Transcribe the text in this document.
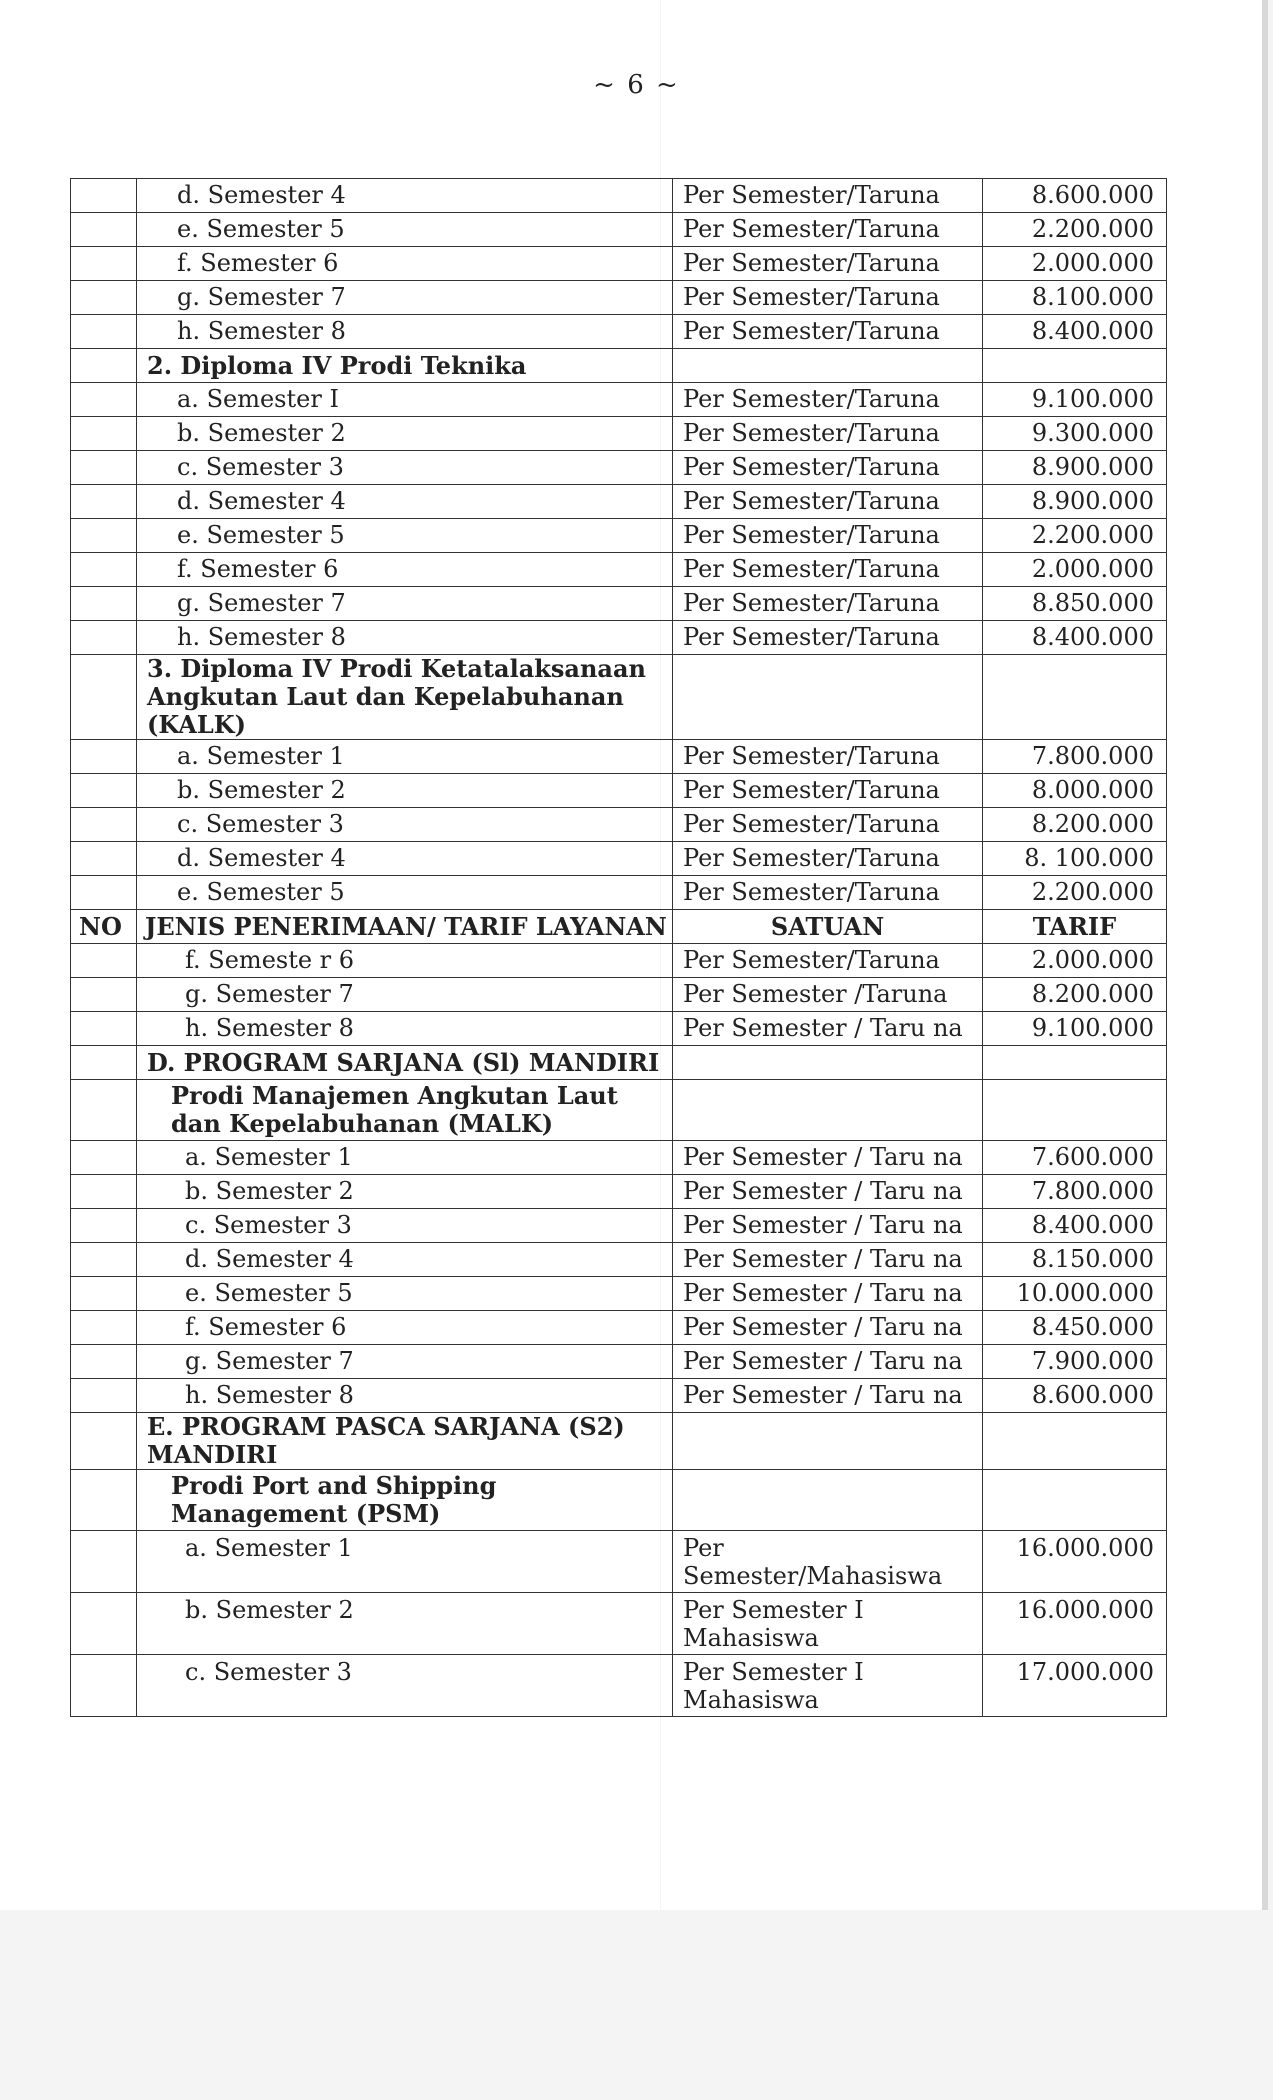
~ 6 ~
	d. Semester 4	Per Semester/Taruna	8.600.000
	e. Semester 5	Per Semester/Taruna	2.200.000
	f. Semester 6	Per Semester/Taruna	2.000.000
	g. Semester 7	Per Semester/Taruna	8.100.000
	h. Semester 8	Per Semester/Taruna	8.400.000
	2. Diploma IV Prodi Teknika		
	a. Semester I	Per Semester/Taruna	9.100.000
	b. Semester 2	Per Semester/Taruna	9.300.000
	c. Semester 3	Per Semester/Taruna	8.900.000
	d. Semester 4	Per Semester/Taruna	8.900.000
	e. Semester 5	Per Semester/Taruna	2.200.000
	f. Semester 6	Per Semester/Taruna	2.000.000
	g. Semester 7	Per Semester/Taruna	8.850.000
	h. Semester 8	Per Semester/Taruna	8.400.000
	3. Diploma IV Prodi Ketatalaksanaan Angkutan Laut dan Kepelabuhanan (KALK)		
	a. Semester 1	Per Semester/Taruna	7.800.000
	b. Semester 2	Per Semester/Taruna	8.000.000
	c. Semester 3	Per Semester/Taruna	8.200.000
	d. Semester 4	Per Semester/Taruna	8. 100.000
	e. Semester 5	Per Semester/Taruna	2.200.000
NO	JENIS PENERIMAAN/ TARIF LAYANAN	SATUAN	TARIF
	f. Semeste r 6	Per Semester/Taruna	2.000.000
	g. Semester 7	Per Semester /Taruna	8.200.000
	h. Semester 8	Per Semester / Taru na	9.100.000
	D. PROGRAM SARJANA (Sl) MANDIRI		
	Prodi Manajemen Angkutan Laut dan Kepelabuhanan (MALK)		
	a. Semester 1	Per Semester / Taru na	7.600.000
	b. Semester 2	Per Semester / Taru na	7.800.000
	c. Semester 3	Per Semester / Taru na	8.400.000
	d. Semester 4	Per Semester / Taru na	8.150.000
	e. Semester 5	Per Semester / Taru na	10.000.000
	f. Semester 6	Per Semester / Taru na	8.450.000
	g. Semester 7	Per Semester / Taru na	7.900.000
	h. Semester 8	Per Semester / Taru na	8.600.000
	E. PROGRAM PASCA SARJANA (S2) MANDIRI		
	Prodi Port and Shipping Management (PSM)		
	a. Semester 1	Per Semester/Mahasiswa	16.000.000
	b. Semester 2	Per Semester I Mahasiswa	16.000.000
	c. Semester 3	Per Semester I Mahasiswa	17.000.000
